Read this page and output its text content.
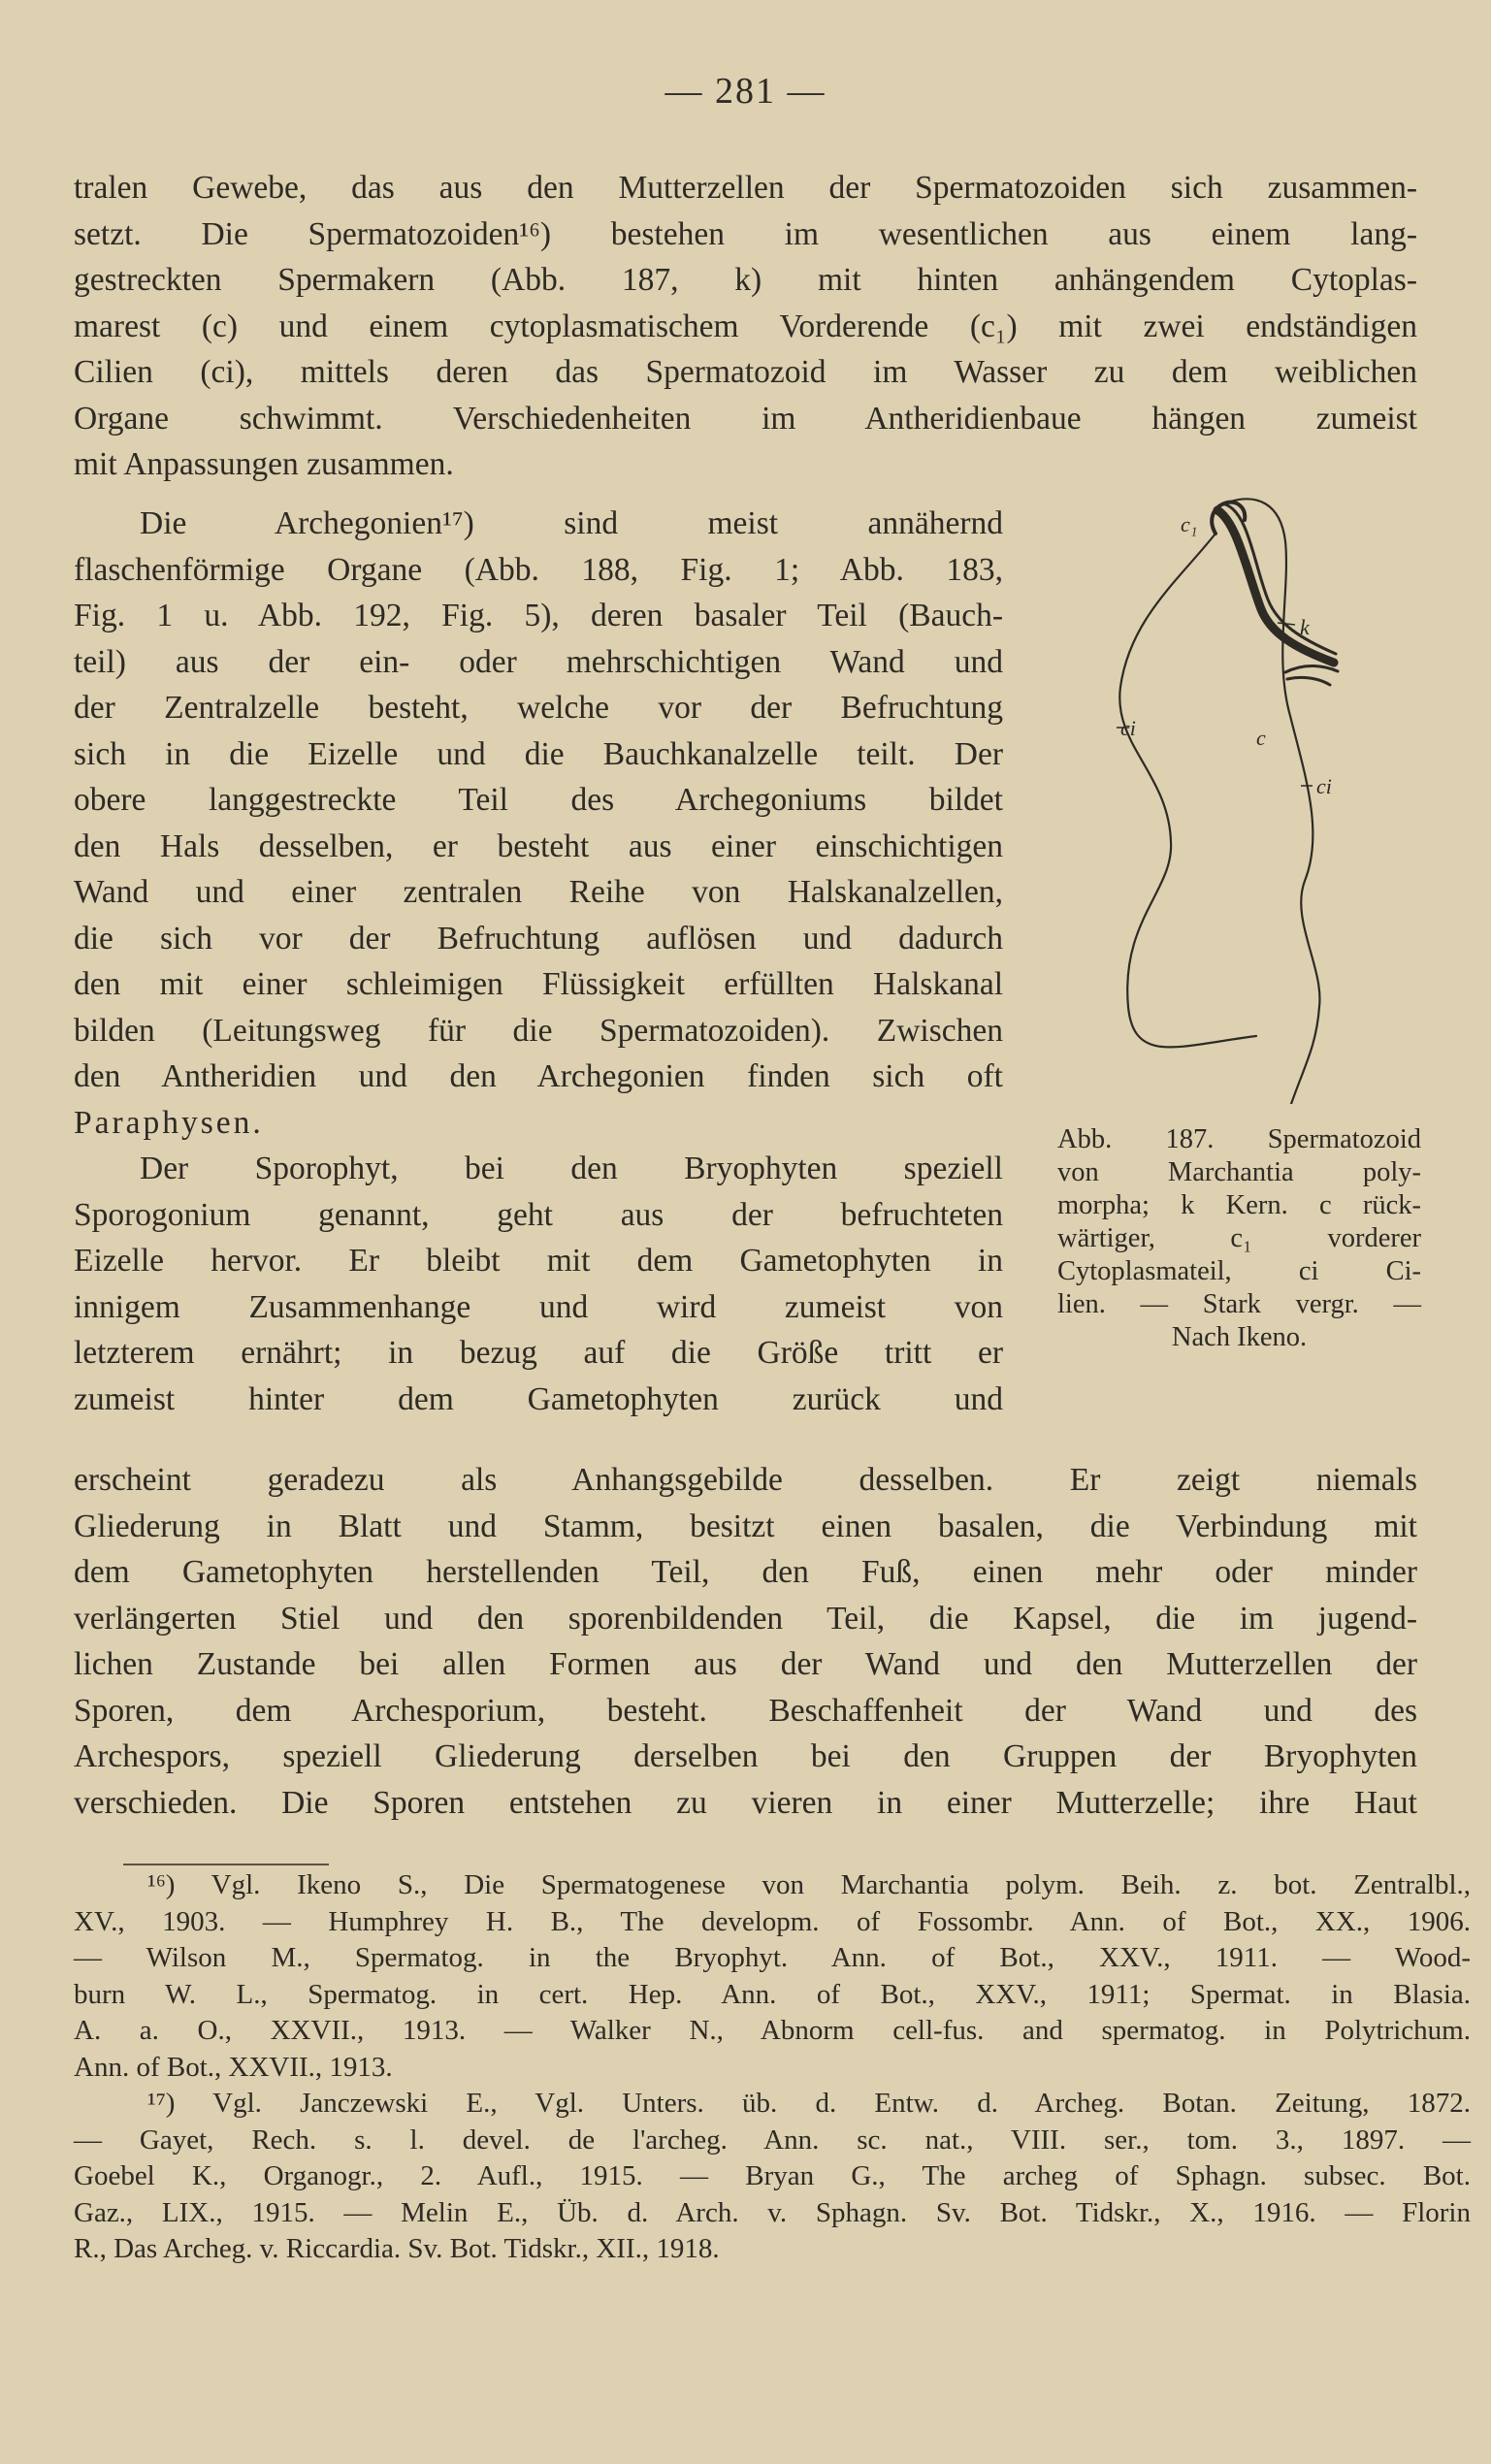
— 281 —
tralen Gewebe, das aus den Mutterzellen der Spermatozoiden sich zusammen-
setzt. Die Spermatozoiden¹⁶) bestehen im wesentlichen aus einem lang-
gestreckten Spermakern (Abb. 187, k) mit hinten anhängendem Cytoplas-
marest (c) und einem cytoplasmatischem Vorderende (c₁) mit zwei endständigen
Cilien (ci), mittels deren das Spermatozoid im Wasser zu dem weiblichen
Organe schwimmt. Verschiedenheiten im Antheridienbaue hängen zumeist
mit Anpassungen zusammen.
Die Archegonien¹⁷) sind meist annähernd
flaschenförmige Organe (Abb. 188, Fig. 1; Abb. 183,
Fig. 1 u. Abb. 192, Fig. 5), deren basaler Teil (Bauch-
teil) aus der ein- oder mehrschichtigen Wand und
der Zentralzelle besteht, welche vor der Befruchtung
sich in die Eizelle und die Bauchkanalzelle teilt. Der
obere langgestreckte Teil des Archegoniums bildet
den Hals desselben, er besteht aus einer einschichtigen
Wand und einer zentralen Reihe von Halskanalzellen,
die sich vor der Befruchtung auflösen und dadurch
den mit einer schleimigen Flüssigkeit erfüllten Halskanal
bilden (Leitungsweg für die Spermatozoiden). Zwischen
den Antheridien und den Archegonien finden sich oft
Paraphysen.
Der Sporophyt, bei den Bryophyten speziell
Sporogonium genannt, geht aus der befruchteten
Eizelle hervor. Er bleibt mit dem Gametophyten in
innigem Zusammenhange und wird zumeist von
letzterem ernährt; in bezug auf die Größe tritt er
zumeist hinter dem Gametophyten zurück und
c₁
k
ci	c
ci
Abb. 187. Spermatozoid
von Marchantia poly-
morpha; k Kern. c rück-
wärtiger, c₁ vorderer
Cytoplasmateil, ci Ci-
lien. — Stark vergr. —
Nach Ikeno.
erscheint geradezu als Anhangsgebilde desselben. Er zeigt niemals
Gliederung in Blatt und Stamm, besitzt einen basalen, die Verbindung mit
dem Gametophyten herstellenden Teil, den Fuß, einen mehr oder minder
verlängerten Stiel und den sporenbildenden Teil, die Kapsel, die im jugend-
lichen Zustande bei allen Formen aus der Wand und den Mutterzellen der
Sporen, dem Archesporium, besteht. Beschaffenheit der Wand und des
Archespors, speziell Gliederung derselben bei den Gruppen der Bryophyten
verschieden. Die Sporen entstehen zu vieren in einer Mutterzelle; ihre Haut
¹⁶) Vgl. Ikeno S., Die Spermatogenese von Marchantia polym. Beih. z. bot. Zentralbl.,
XV., 1903. — Humphrey H. B., The developm. of Fossombr. Ann. of Bot., XX., 1906.
— Wilson M., Spermatog. in the Bryophyt. Ann. of Bot., XXV., 1911. — Wood-
burn W. L., Spermatog. in cert. Hep. Ann. of Bot., XXV., 1911; Spermat. in Blasia.
A. a. O., XXVII., 1913. — Walker N., Abnorm cell-fus. and spermatog. in Polytrichum.
Ann. of Bot., XXVII., 1913.
¹⁷) Vgl. Janczewski E., Vgl. Unters. üb. d. Entw. d. Archeg. Botan. Zeitung, 1872.
— Gayet, Rech. s. l. devel. de l'archeg. Ann. sc. nat., VIII. ser., tom. 3., 1897. —
Goebel K., Organogr., 2. Aufl., 1915. — Bryan G., The archeg of Sphagn. subsec. Bot.
Gaz., LIX., 1915. — Melin E., Üb. d. Arch. v. Sphagn. Sv. Bot. Tidskr., X., 1916. — Florin
R., Das Archeg. v. Riccardia. Sv. Bot. Tidskr., XII., 1918.
